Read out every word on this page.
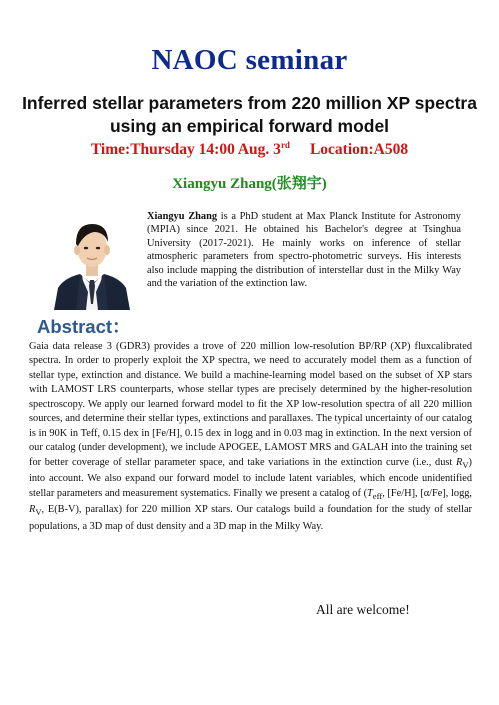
NAOC seminar
Inferred stellar parameters from 220 million XP spectra using an empirical forward model
Time:Thursday 14:00 Aug. 3rd Location:A508
Xiangyu Zhang(张翔宇)
Xiangyu Zhang is a PhD student at Max Planck Institute for Astronomy (MPIA) since 2021. He obtained his Bachelor's degree at Tsinghua University (2017-2021). He mainly works on inference of stellar atmospheric parameters from spectro-photometric surveys. His interests also include mapping the distribution of interstellar dust in the Milky Way and the variation of the extinction law.
Abstract：

Gaia data release 3 (GDR3) provides a trove of 220 million low-resolution BP/RP (XP) fluxcalibrated spectra. In order to properly exploit the XP spectra, we need to accurately model them as a function of stellar type, extinction and distance. We build a machine-learning model based on the subset of XP stars with LAMOST LRS counterparts, whose stellar types are precisely determined by the higher-resolution spectroscopy. We apply our learned forward model to fit the XP low-resolution spectra of all 220 million sources, and determine their stellar types, extinctions and parallaxes. The typical uncertainty of our catalog is in 90K in Teff, 0.15 dex in [Fe/H], 0.15 dex in logg and in 0.03 mag in extinction. In the next version of our catalog (under development), we include APOGEE, LAMOST MRS and GALAH into the training set for better coverage of stellar parameter space, and take variations in the extinction curve (i.e., dust $R_V$) into account. We also expand our forward model to include latent variables, which encode unidentified stellar parameters and measurement systematics. Finally we present a catalog of ($T_{eff}$, [Fe/H], [α/Fe], logg, $R_V$, E(B-V), parallax) for 220 million XP stars. Our catalogs build a foundation for the study of stellar populations, a 3D map of dust density and a 3D map in the Milky Way.

All are welcome!
